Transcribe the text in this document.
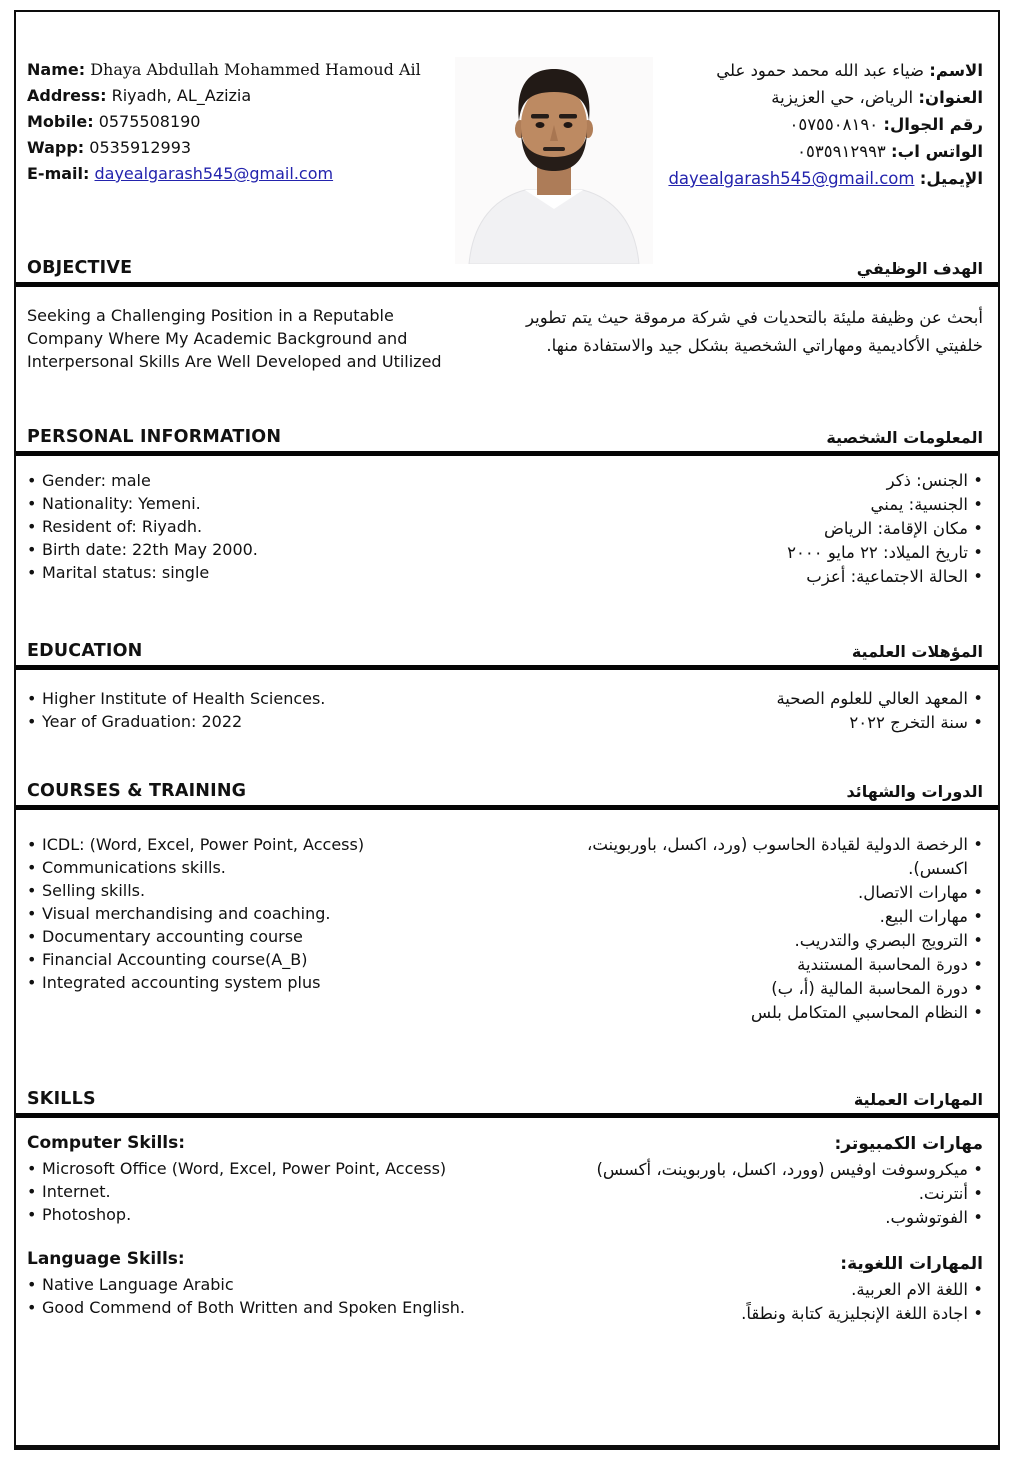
Name: Dhaya Abdullah Mohammed Hamoud Ail
Address: Riyadh, AL_Azizia
Mobile: 0575508190
Wapp: 0535912993
E-mail: dayealgarash545@gmail.com
الاسم: ضياء عبد الله محمد حمود علي
العنوان: الرياض، حي العزيزية
رقم الجوال: ٠٥٧٥٥٠٨١٩٠
الواتس اب: ٠٥٣٥٩١٢٩٩٣
الإيميل: dayealgarash545@gmail.com
OBJECTIVE	الهدف الوظيفي

Seeking a Challenging Position in a Reputable Company Where My Academic Background and Interpersonal Skills Are Well Developed and Utilized

أبحث عن وظيفة مليئة بالتحديات في شركة مرموقة حيث يتم تطوير خلفيتي الأكاديمية ومهاراتي الشخصية بشكل جيد والاستفادة منها.

PERSONAL INFORMATION	المعلومات الشخصية
• Gender: male
• Nationality: Yemeni.
• Resident of: Riyadh.
• Birth date: 22th May 2000.
• Marital status: single
• الجنس: ذكر
• الجنسية: يمني
• مكان الإقامة: الرياض
• تاريخ الميلاد: ٢٢ مايو ٢٠٠٠
• الحالة الاجتماعية: أعزب
EDUCATION	المؤهلات العلمية
• Higher Institute of Health Sciences.
• Year of Graduation: 2022
• المعهد العالي للعلوم الصحية
• سنة التخرج ٢٠٢٢
COURSES & TRAINING	الدورات والشهائد
• ICDL: (Word, Excel, Power Point, Access)
• Communications skills.
• Selling skills.
• Visual merchandising and coaching.
• Documentary accounting course
• Financial Accounting course(A_B)
• Integrated accounting system plus
• الرخصة الدولية لقيادة الحاسوب (ورد، اكسل، باوربوينت، اكسس).
• مهارات الاتصال.
• مهارات البيع.
• الترويج البصري والتدريب.
• دورة المحاسبة المستندية
• دورة المحاسبة المالية (أ، ب)
• النظام المحاسبي المتكامل بلس
SKILLS	المهارات العملية

Computer Skills:

• Microsoft Office (Word, Excel, Power Point, Access)
• Internet.
• Photoshop.

Language Skills:

• Native Language Arabic
• Good Commend of Both Written and Spoken English.

مهارات الكمبيوتر:

• ميكروسوفت اوفيس (وورد، اكسل، باوربوينت، أكسس)
• أنترنت.
• الفوتوشوب.

المهارات اللغوية:

• اللغة الام العربية.
• اجادة اللغة الإنجليزية كتابة ونطقاً.
